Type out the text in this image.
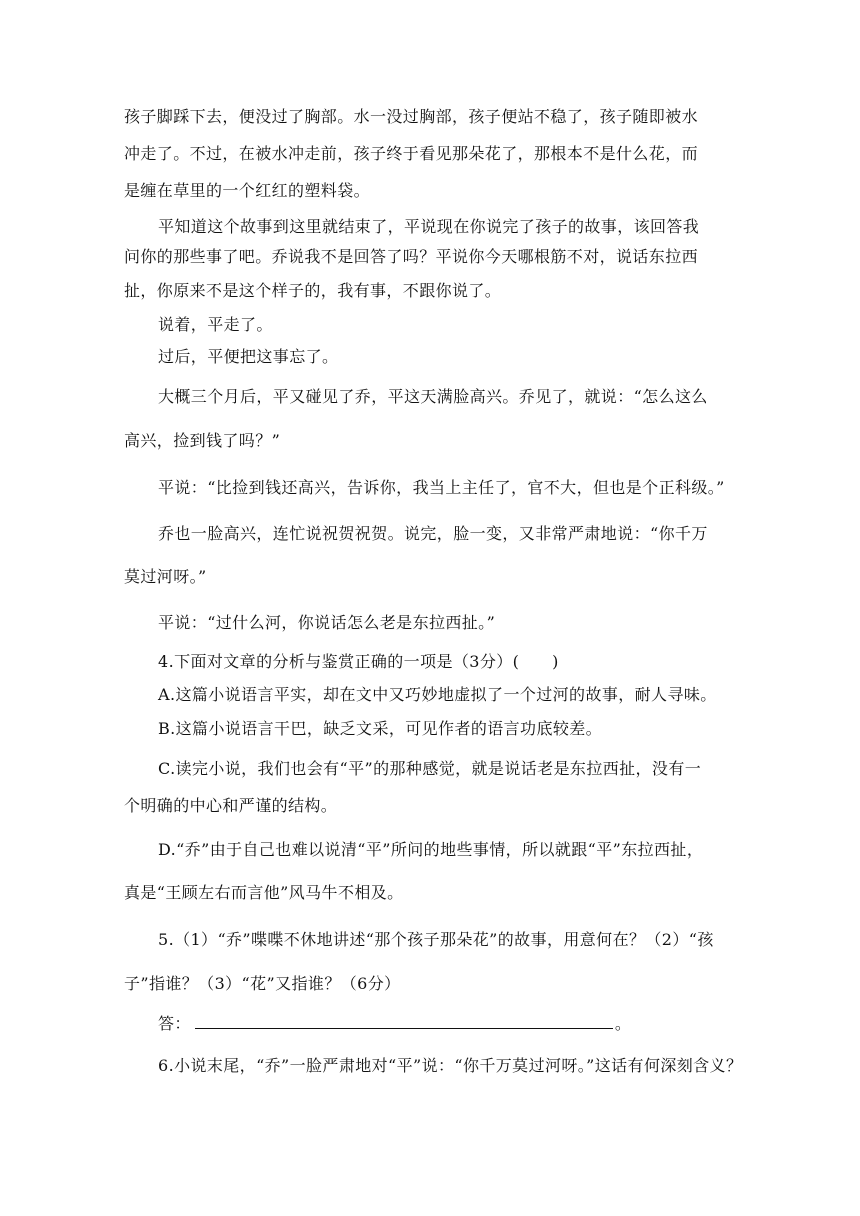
孩子脚踩下去，便没过了胸部。水一没过胸部，孩子便站不稳了，孩子随即被水
冲走了。不过，在被水冲走前，孩子终于看见那朵花了，那根本不是什么花，而
是缠在草里的一个红红的塑料袋。
平知道这个故事到这里就结束了，平说现在你说完了孩子的故事，该回答我
问你的那些事了吧。乔说我不是回答了吗？平说你今天哪根筋不对，说话东拉西
扯，你原来不是这个样子的，我有事，不跟你说了。
说着，平走了。
过后，平便把这事忘了。
大概三个月后，平又碰见了乔，平这天满脸高兴。乔见了，就说：“怎么这么
高兴，捡到钱了吗？”
平说：“比捡到钱还高兴，告诉你，我当上主任了，官不大，但也是个正科级。”
乔也一脸高兴，连忙说祝贺祝贺。说完，脸一变，又非常严肃地说：“你千万
莫过河呀。”
平说：“过什么河，你说话怎么老是东拉西扯。”
4.下面对文章的分析与鉴赏正确的一项是（3分）(　　)
A.这篇小说语言平实，却在文中又巧妙地虚拟了一个过河的故事，耐人寻味。
B.这篇小说语言干巴，缺乏文采，可见作者的语言功底较差。
C.读完小说，我们也会有“平”的那种感觉，就是说话老是东拉西扯，没有一
个明确的中心和严谨的结构。
D.“乔”由于自己也难以说清“平”所问的地些事情，所以就跟“平”东拉西扯，
真是“王顾左右而言他”风马牛不相及。
5.（1）“乔”喋喋不休地讲述“那个孩子那朵花”的故事，用意何在？（2）“孩
子”指谁？（3）“花”又指谁？（6分）
答：	。
6.小说末尾，“乔”一脸严肃地对“平”说：“你千万莫过河呀。”这话有何深刻含义？
